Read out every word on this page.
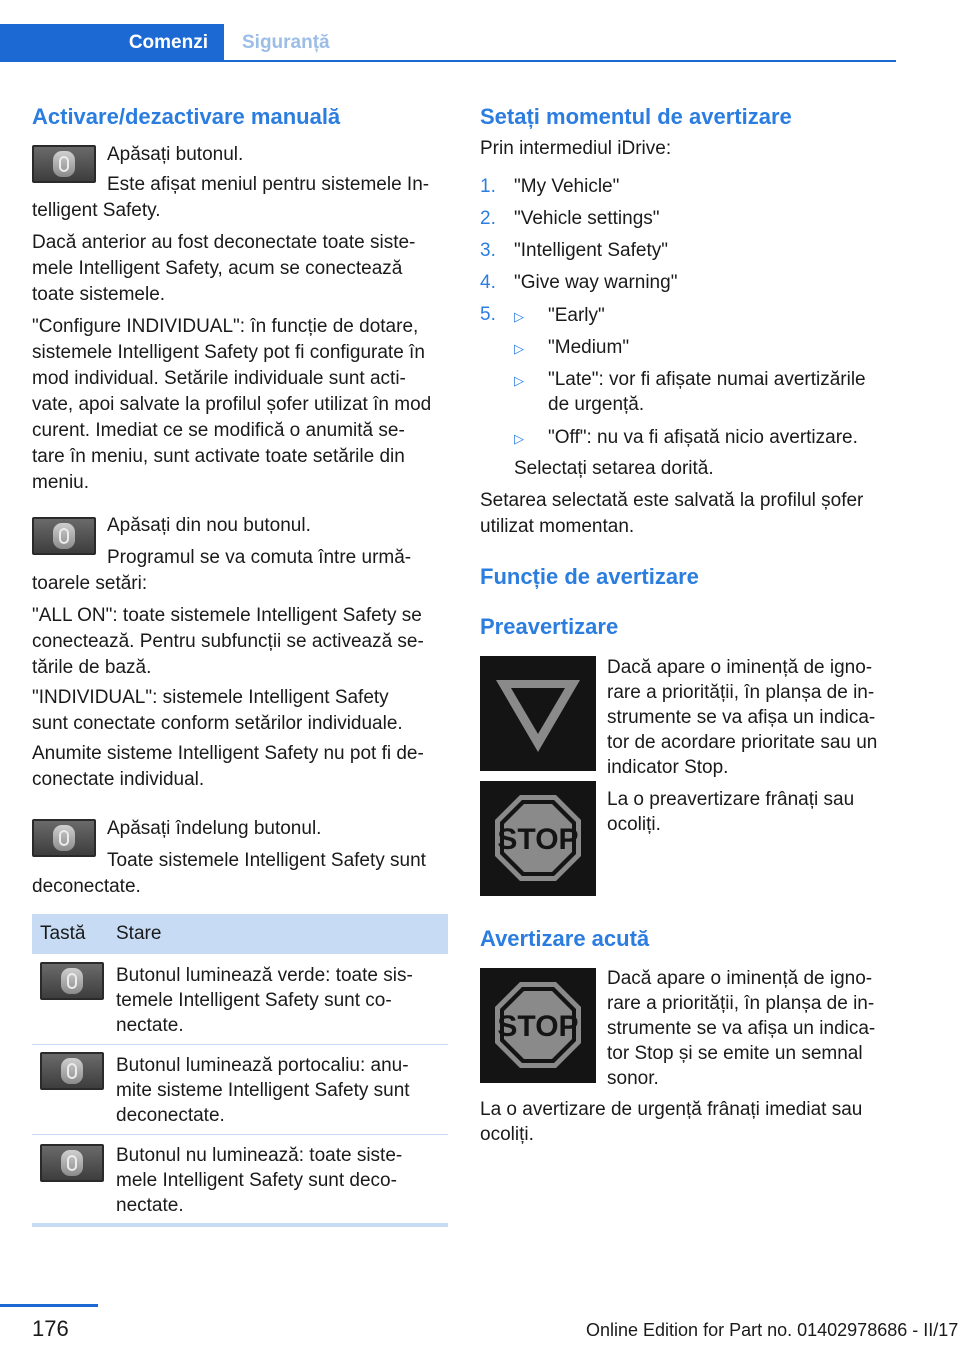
Comenzi	Siguranță
Activare/dezactivare manuală

Apăsați butonul.

Este afișat meniul pentru sistemele In‐

telligent Safety.

Dacă anterior au fost deconectate toate siste‐

mele Intelligent Safety, acum se conectează

toate sistemele.

"Configure INDIVIDUAL": în funcție de dotare,

sistemele Intelligent Safety pot fi configurate în

mod individual. Setările individuale sunt acti‐

vate, apoi salvate la profilul șofer utilizat în mod

curent. Imediat ce se modifică o anumită se‐

tare în meniu, sunt activate toate setările din

meniu.

Apăsați din nou butonul.

Programul se va comuta între urmă‐

toarele setări:

"ALL ON": toate sistemele Intelligent Safety se

conectează. Pentru subfuncții se activează se‐

tările de bază.

"INDIVIDUAL": sistemele Intelligent Safety

sunt conectate conform setărilor individuale.

Anumite sisteme Intelligent Safety nu pot fi de‐

conectate individual.

Apăsați îndelung butonul.

Toate sistemele Intelligent Safety sunt

deconectate.

Tastă Stare

Butonul luminează verde: toate sis‐

temele Intelligent Safety sunt co‐

nectate.

Butonul luminează portocaliu: anu‐

mite sisteme Intelligent Safety sunt

deconectate.

Butonul nu luminează: toate siste‐

mele Intelligent Safety sunt deco‐

nectate.

Setați momentul de avertizare

Prin intermediul iDrive:

1. "My Vehicle"
2. "Vehicle settings"
3. "Intelligent Safety"
4. "Give way warning"
5. ▷ "Early"
▷ "Medium"
▷ "Late": vor fi afișate numai avertizările
de urgență.
▷ "Off": nu va fi afișată nicio avertizare.

Selectați setarea dorită.

Setarea selectată este salvată la profilul șofer

utilizat momentan.

Funcție de avertizare
Preavertizare

Dacă apare o iminență de igno‐

rare a priorității, în planșa de in‐

strumente se va afișa un indica‐

tor de acordare prioritate sau un

indicator Stop.

STOP

La o preavertizare frânați sau

ocoliți.

Avertizare acută
STOP

Dacă apare o iminență de igno‐

rare a priorității, în planșa de in‐

strumente se va afișa un indica‐

tor Stop și se emite un semnal

sonor.

La o avertizare de urgență frânați imediat sau

ocoliți.

176	Online Edition for Part no. 01402978686 - II/17
